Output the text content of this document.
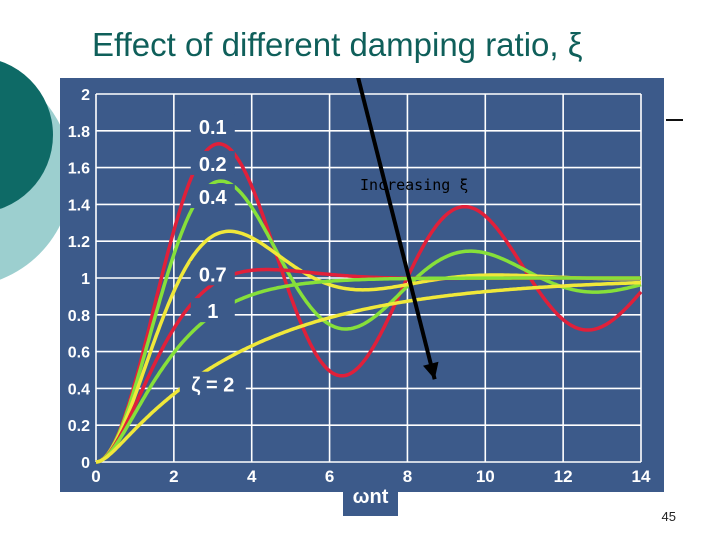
Effect of different damping ratio, ξ
0.1
0.2
0.4
0.7
1
ζ = 2
0
0.2
0.4
0.6
0.8
1
1.2
1.4
1.6
1.8
2
0	2	4	6	8	10	12	14
Increasing ξ
ωnt
45
